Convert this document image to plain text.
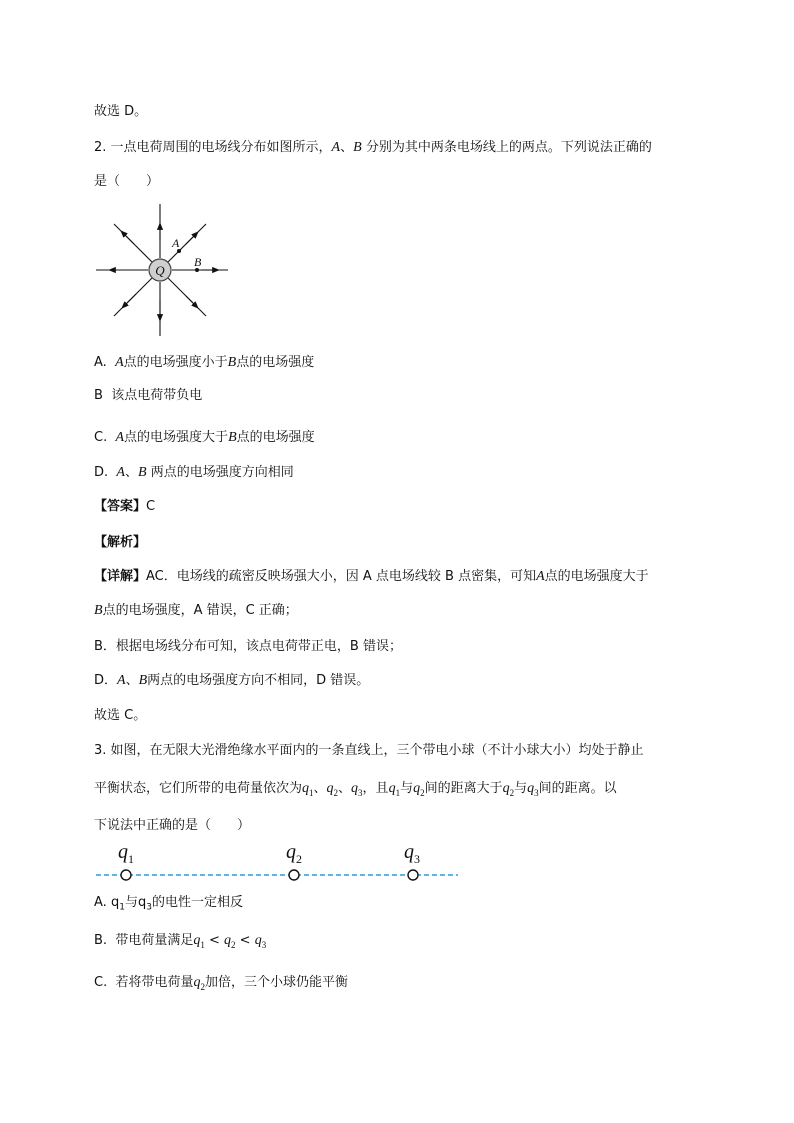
故选 D。
2. 一点电荷周围的电场线分布如图所示，A、B 分别为其中两条电场线上的两点。下列说法正确的
是（　　）
Q
A
B
A. A点的电场强度小于B点的电场强度
B 该点电荷带负电
C. A点的电场强度大于B点的电场强度
D. A、B 两点的电场强度方向相同
【答案】C
【解析】
【详解】AC．电场线的疏密反映场强大小，因 A 点电场线较 B 点密集，可知A点的电场强度大于
B点的电场强度，A 错误，C 正确；
B．根据电场线分布可知，该点电荷带正电，B 错误；
D．A、B两点的电场强度方向不相同，D 错误。
故选 C。
3. 如图，在无限大光滑绝缘水平面内的一条直线上，三个带电小球（不计小球大小）均处于静止
平衡状态，它们所带的电荷量依次为$q_1$、$q_2$、$q_3$，且$q_1$与$q_2$间的距离大于$q_2$与$q_3$间的距离。以
下说法中正确的是（　　）
$q_1$	$q_2$	$q_3$
A. $q_1$与$q_3$的电性一定相反
B. 带电荷量满足$q_1 < q_2 < q_3$
C. 若将带电荷量$q_2$加倍，三个小球仍能平衡
